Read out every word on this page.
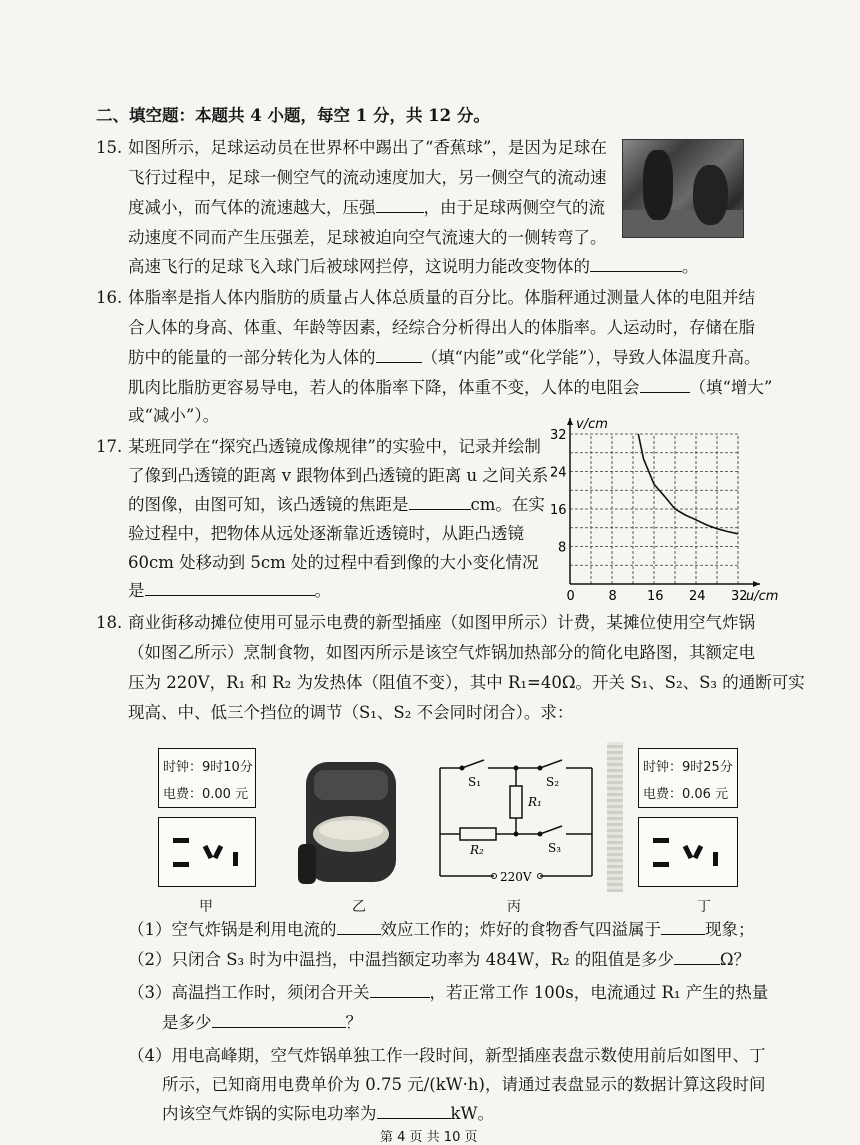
二、填空题：本题共 4 小题，每空 1 分，共 12 分。
15. 如图所示，足球运动员在世界杯中踢出了“香蕉球”，是因为足球在
飞行过程中，足球一侧空气的流动速度加大，另一侧空气的流动速
度减小，而气体的流速越大，压强	，由于足球两侧空气的流
动速度不同而产生压强差，足球被迫向空气流速大的一侧转弯了。
高速飞行的足球飞入球门后被球网拦停，这说明力能改变物体的	。
16. 体脂率是指人体内脂肪的质量占人体总质量的百分比。体脂秤通过测量人体的电阻并结
合人体的身高、体重、年龄等因素，经综合分析得出人的体脂率。人运动时，存储在脂
肪中的能量的一部分转化为人体的	（填“内能”或“化学能”），导致人体温度升高。
肌肉比脂肪更容易导电，若人的体脂率下降，体重不变，人体的电阻会	（填“增大”
或“减小”）。
17. 某班同学在“探究凸透镜成像规律”的实验中，记录并绘制
了像到凸透镜的距离 v 跟物体到凸透镜的距离 u 之间关系
的图像，由图可知，该凸透镜的焦距是	cm。在实
验过程中，把物体从远处逐渐靠近透镜时，从距凸透镜
60cm 处移动到 5cm 处的过程中看到像的大小变化情况
是	。	0	8 16 24 32
8
16
24
32
v/cm
u/cm
18. 商业街移动摊位使用可显示电费的新型插座（如图甲所示）计费，某摊位使用空气炸锅
（如图乙所示）烹制食物，如图丙所示是该空气炸锅加热部分的简化电路图，其额定电
压为 220V，R₁ 和 R₂ 为发热体（阻值不变），其中 R₁=40Ω。开关 S₁、S₂、S₃ 的通断可实
现高、中、低三个挡位的调节（S₁、S₂ 不会同时闭合）。求：
时钟：9时10分
电费：0.00 元
甲	乙
S₁	S₂
R₁
R₂	S₃
220V
丙
时钟：9时25分
电费：0.06 元
丁
（1）空气炸锅是利用电流的	效应工作的；炸好的食物香气四溢属于	现象；
（2）只闭合 S₃ 时为中温挡，中温挡额定功率为 484W，R₂ 的阻值是多少	Ω？
（3）高温挡工作时，须闭合开关	，若正常工作 100s，电流通过 R₁ 产生的热量
是多少	？
（4）用电高峰期，空气炸锅单独工作一段时间，新型插座表盘示数使用前后如图甲、丁
所示，已知商用电费单价为 0.75 元/(kW·h)，请通过表盘显示的数据计算这段时间
内该空气炸锅的实际电功率为	kW。
第 4 页 共 10 页
